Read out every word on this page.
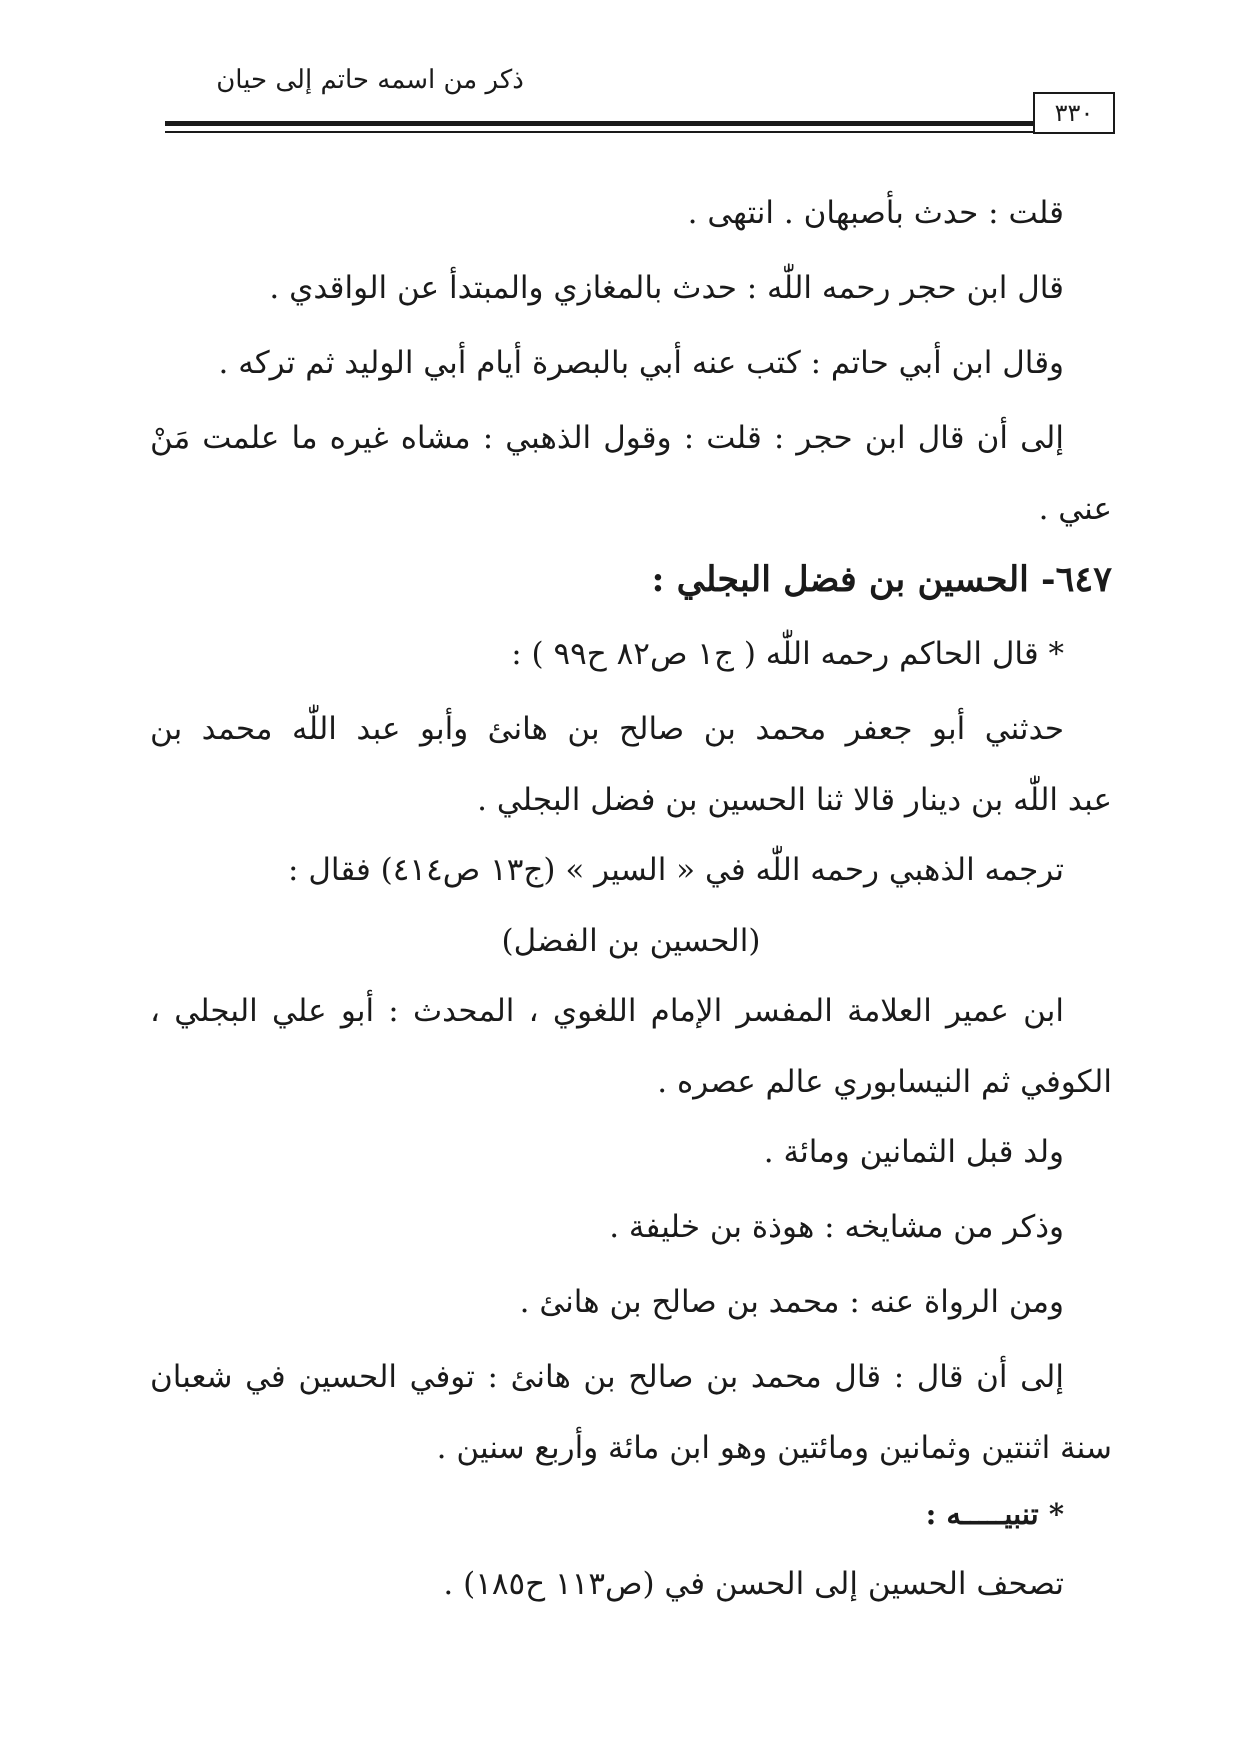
ذكر من اسمه حاتم إلى حيان
٣٣٠
قلت : حدث بأصبهان . انتهى .
قال ابن حجر رحمه اللّٰه : حدث بالمغازي والمبتدأ عن الواقدي .
وقال ابن أبي حاتم : كتب عنه أبي بالبصرة أيام أبي الوليد ثم تركه .
إلى أن قال ابن حجر : قلت : وقول الذهبي : مشاه غيره ما علمت مَنْ
عني .
٦٤٧- الحسين بن فضل البجلي :
* قال الحاكم رحمه اللّٰه ( ج١ ص٨٢ ح٩٩ ) :
حدثني أبو جعفر محمد بن صالح بن هانئ وأبو عبد اللّٰه محمد بن
عبد اللّٰه بن دينار قالا ثنا الحسين بن فضل البجلي .
ترجمه الذهبي رحمه اللّٰه في « السير » (ج١٣ ص٤١٤) فقال :
(الحسين بن الفضل)
ابن عمير العلامة المفسر الإمام اللغوي ، المحدث : أبو علي البجلي ،
الكوفي ثم النيسابوري عالم عصره .
ولد قبل الثمانين ومائة .
وذكر من مشايخه : هوذة بن خليفة .
ومن الرواة عنه : محمد بن صالح بن هانئ .
إلى أن قال : قال محمد بن صالح بن هانئ : توفي الحسين في شعبان
سنة اثنتين وثمانين ومائتين وهو ابن مائة وأربع سنين .
* تنبيـــــه :
تصحف الحسين إلى الحسن في (ص١١٣ ح١٨٥) .
